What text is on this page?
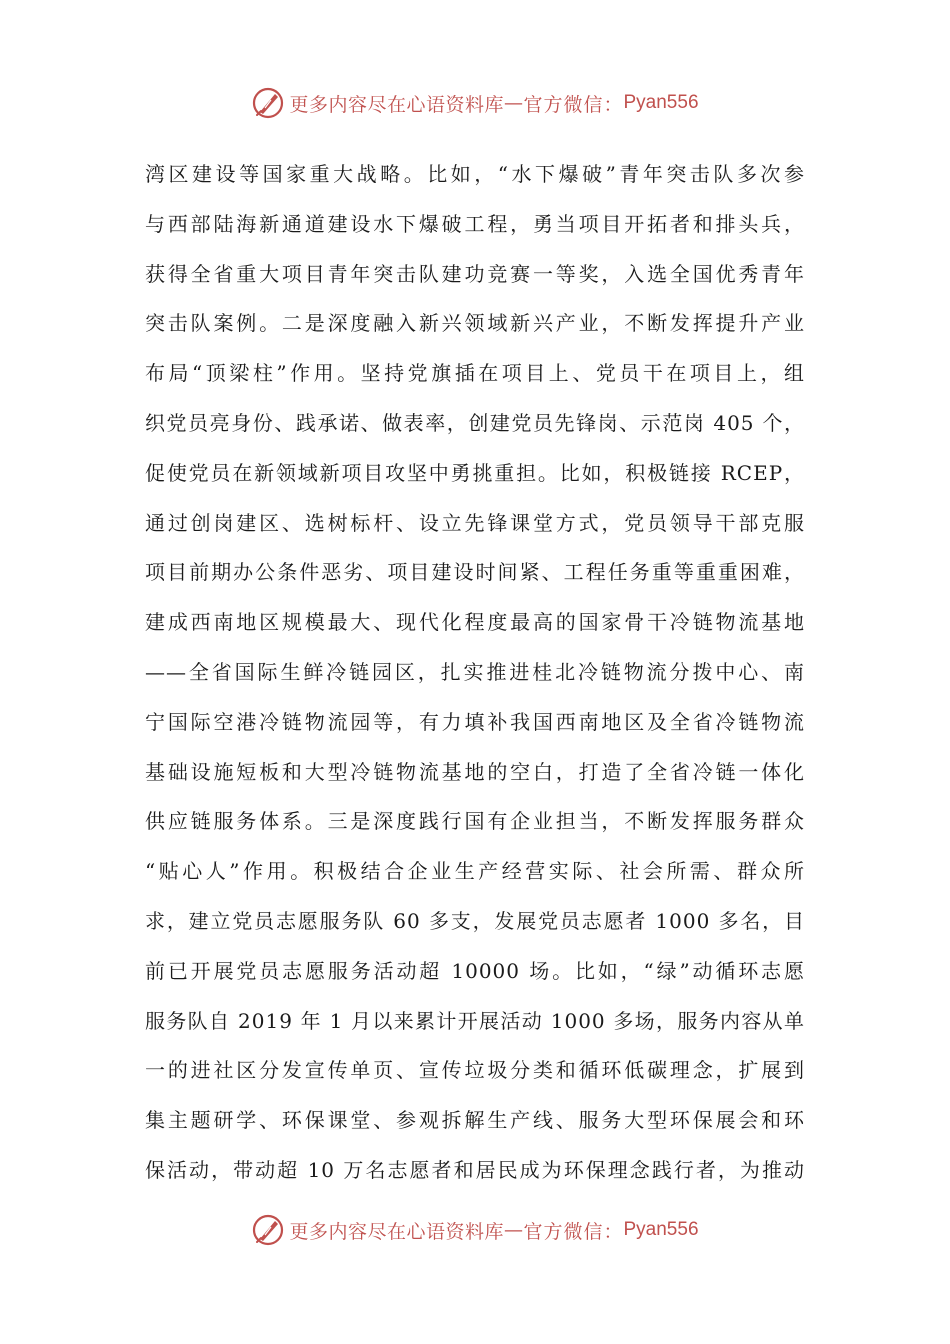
更多内容尽在心语资料库 — 官方微信： Pyan556
湾区建设等国家重大战略。比如，“水下爆破”青年突击队多次参
与西部陆海新通道建设水下爆破工程，勇当项目开拓者和排头兵，
获得全省重大项目青年突击队建功竞赛一等奖，入选全国优秀青年
突击队案例。二是深度融入新兴领域新兴产业，不断发挥提升产业
布局“顶梁柱”作用。坚持党旗插在项目上、党员干在项目上，组
织党员亮身份、践承诺、做表率，创建党员先锋岗、示范岗 405 个，
促使党员在新领域新项目攻坚中勇挑重担。比如，积极链接 RCEP，
通过创岗建区、选树标杆、设立先锋课堂方式，党员领导干部克服
项目前期办公条件恶劣、项目建设时间紧、工程任务重等重重困难，
建成西南地区规模最大、现代化程度最高的国家骨干冷链物流基地
——全省国际生鲜冷链园区，扎实推进桂北冷链物流分拨中心、南
宁国际空港冷链物流园等，有力填补我国西南地区及全省冷链物流
基础设施短板和大型冷链物流基地的空白，打造了全省冷链一体化
供应链服务体系。三是深度践行国有企业担当，不断发挥服务群众
“贴心人”作用。积极结合企业生产经营实际、社会所需、群众所
求，建立党员志愿服务队 60 多支，发展党员志愿者 1000 多名，目
前已开展党员志愿服务活动超 10000 场。比如，“绿”动循环志愿
服务队自 2019 年 1 月以来累计开展活动 1000 多场，服务内容从单
一的进社区分发宣传单页、宣传垃圾分类和循环低碳理念，扩展到
集主题研学、环保课堂、参观拆解生产线、服务大型环保展会和环
保活动，带动超 10 万名志愿者和居民成为环保理念践行者，为推动
更多内容尽在心语资料库 — 官方微信： Pyan556
